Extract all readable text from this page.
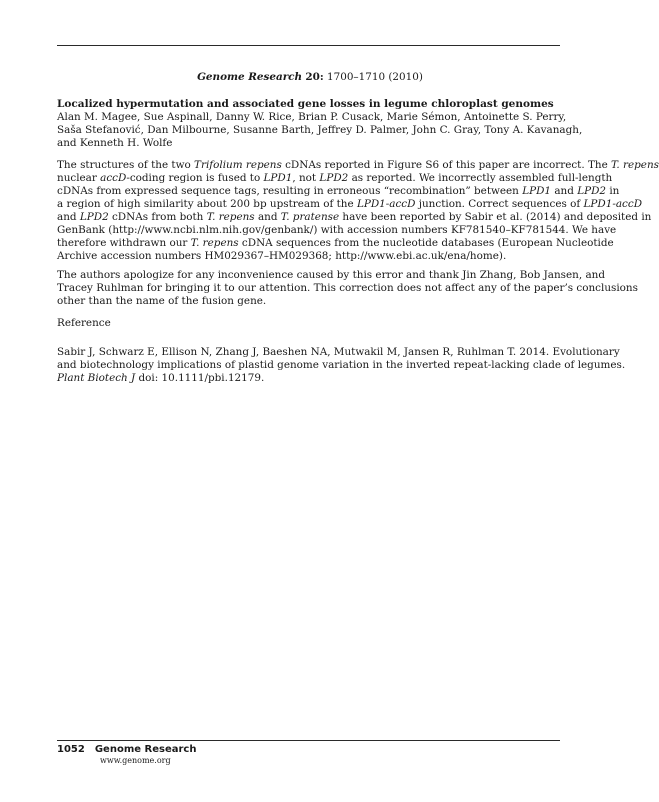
Genome Research 20: 1700–1710 (2010)
Localized hypermutation and associated gene losses in legume chloroplast genomes
Alan M. Magee, Sue Aspinall, Danny W. Rice, Brian P. Cusack, Marie Sémon, Antoinette S. Perry,
Saša Stefanović, Dan Milbourne, Susanne Barth, Jeffrey D. Palmer, John C. Gray, Tony A. Kavanagh,
and Kenneth H. Wolfe
The structures of the two Trifolium repens cDNAs reported in Figure S6 of this paper are incorrect. The T. repens
nuclear accD-coding region is fused to LPD1, not LPD2 as reported. We incorrectly assembled full-length
cDNAs from expressed sequence tags, resulting in erroneous “recombination” between LPD1 and LPD2 in
a region of high similarity about 200 bp upstream of the LPD1-accD junction. Correct sequences of LPD1-accD
and LPD2 cDNAs from both T. repens and T. pratense have been reported by Sabir et al. (2014) and deposited in
GenBank (http://www.ncbi.nlm.nih.gov/genbank/) with accession numbers KF781540–KF781544. We have
therefore withdrawn our T. repens cDNA sequences from the nucleotide databases (European Nucleotide
Archive accession numbers HM029367–HM029368; http://www.ebi.ac.uk/ena/home).
The authors apologize for any inconvenience caused by this error and thank Jin Zhang, Bob Jansen, and
Tracey Ruhlman for bringing it to our attention. This correction does not affect any of the paper’s conclusions
other than the name of the fusion gene.
Reference
Sabir J, Schwarz E, Ellison N, Zhang J, Baeshen NA, Mutwakil M, Jansen R, Ruhlman T. 2014. Evolutionary
and biotechnology implications of plastid genome variation in the inverted repeat-lacking clade of legumes.
Plant Biotech J doi: 10.1111/pbi.12179.
1052 Genome Research
www.genome.org
